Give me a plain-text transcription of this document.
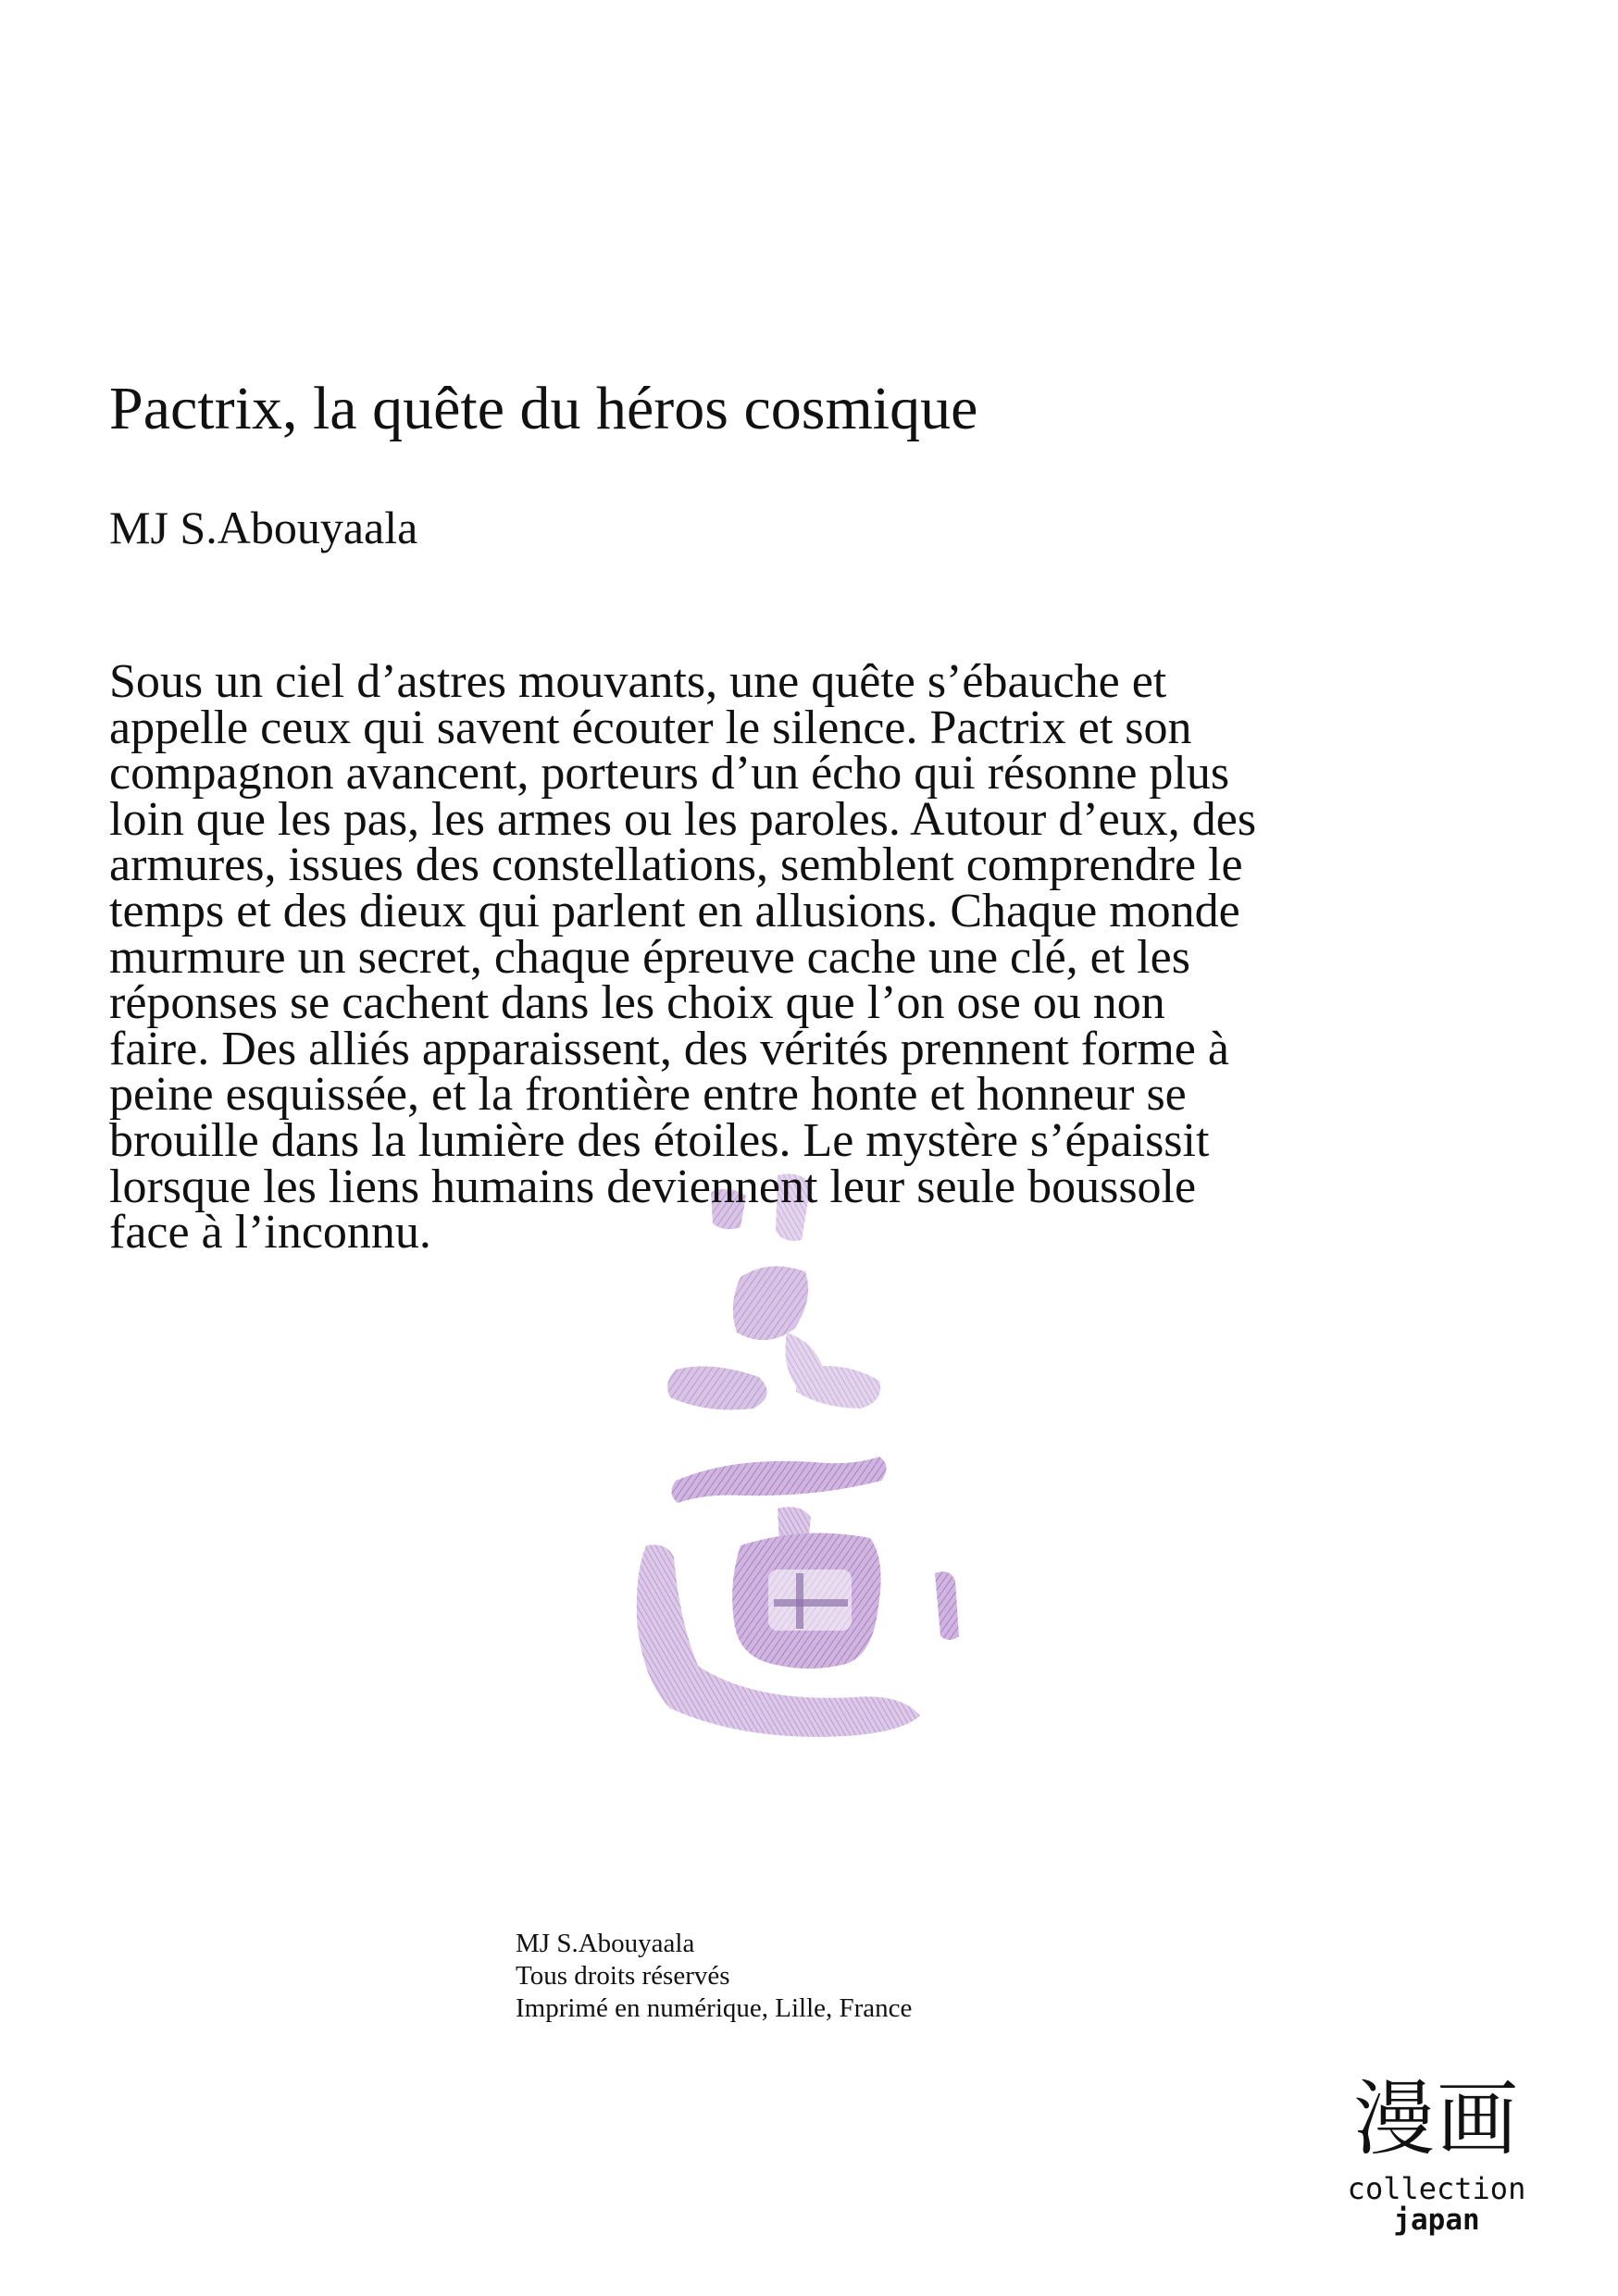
Pactrix, la quête du héros cosmique
MJ S.Abouyaala

Sous un ciel d’astres mouvants, une quête s’ébauche et appelle ceux qui savent écouter le silence. Pactrix et son compagnon avancent, porteurs d’un écho qui résonne plus loin que les pas, les armes ou les paroles. Autour d’eux, des armures, issues des constellations, semblent comprendre le temps et des dieux qui parlent en allusions. Chaque monde murmure un secret, chaque épreuve cache une clé, et les réponses se cachent dans les choix que l’on ose ou non faire. Des alliés apparaissent, des vérités prennent forme à peine esquissée, et la frontière entre honte et honneur se brouille dans la lumière des étoiles. Le mystère s’épaissit lorsque les liens humains deviennent leur seule boussole face à l’inconnu.

MJ S.Abouyaala
Tous droits réservés
Imprimé en numérique, Lille, France
漫画
collection
japan
